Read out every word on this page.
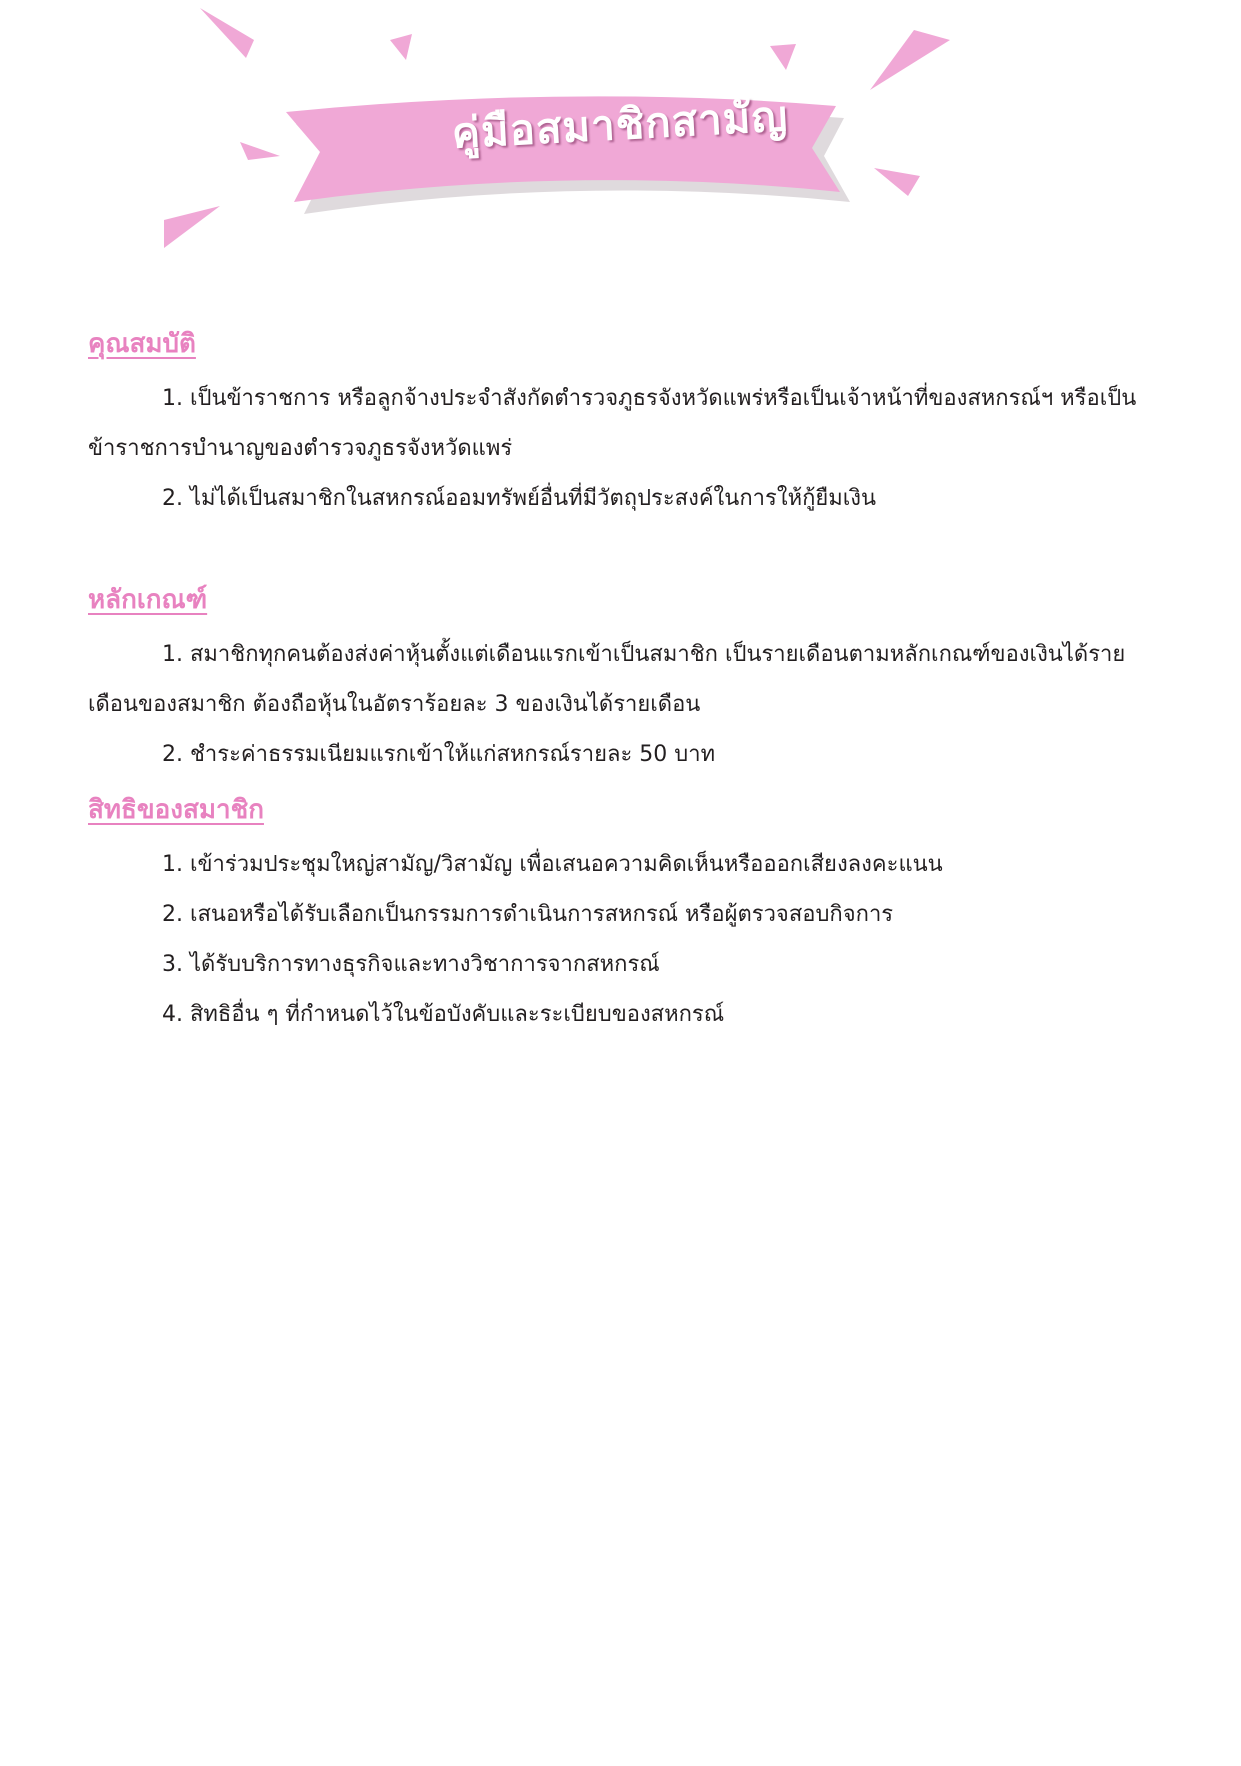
คู่มือสมาชิกสามัญ
คุณสมบัติ

1. เป็นข้าราชการ หรือลูกจ้างประจำสังกัดตำรวจภูธรจังหวัดแพร่หรือเป็นเจ้าหน้าที่ของสหกรณ์ฯ หรือเป็นข้าราชการบำนาญของตำรวจภูธรจังหวัดแพร่

2. ไม่ได้เป็นสมาชิกในสหกรณ์ออมทรัพย์อื่นที่มีวัตถุประสงค์ในการให้กู้ยืมเงิน

หลักเกณฑ์

1. สมาชิกทุกคนต้องส่งค่าหุ้นตั้งแต่เดือนแรกเข้าเป็นสมาชิก เป็นรายเดือนตามหลักเกณฑ์ของเงินได้รายเดือนของสมาชิก ต้องถือหุ้นในอัตราร้อยละ 3 ของเงินได้รายเดือน

2. ชำระค่าธรรมเนียมแรกเข้าให้แก่สหกรณ์รายละ 50 บาท

สิทธิของสมาชิก

1. เข้าร่วมประชุมใหญ่สามัญ/วิสามัญ เพื่อเสนอความคิดเห็นหรือออกเสียงลงคะแนน

2. เสนอหรือได้รับเลือกเป็นกรรมการดำเนินการสหกรณ์ หรือผู้ตรวจสอบกิจการ

3. ได้รับบริการทางธุรกิจและทางวิชาการจากสหกรณ์

4. สิทธิอื่น ๆ ที่กำหนดไว้ในข้อบังคับและระเบียบของสหกรณ์
